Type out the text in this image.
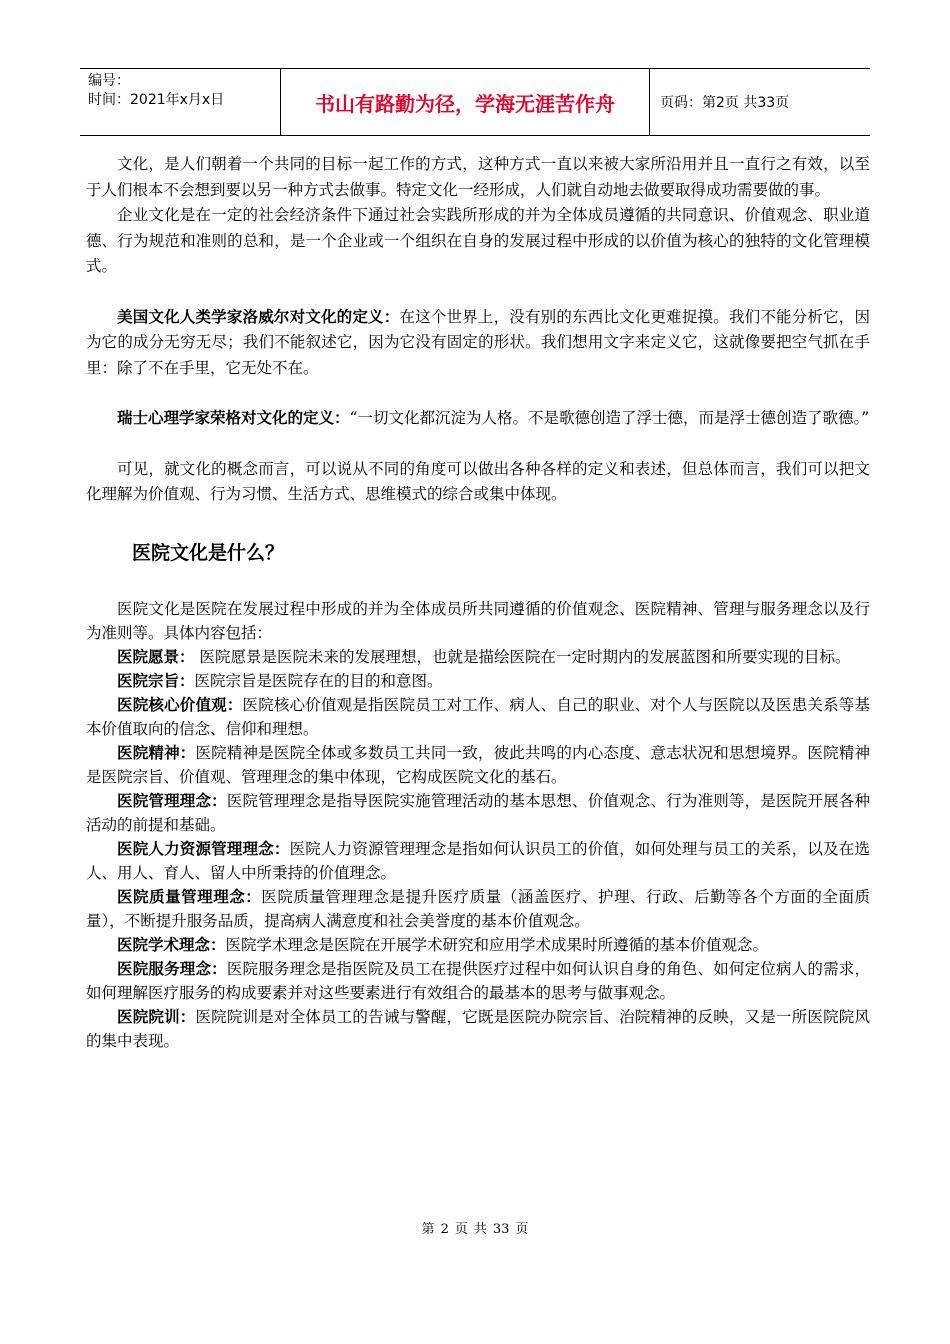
编号：
时间：2021年x月x日	书山有路勤为径，学海无涯苦作舟	页码：第2页 共33页

文化，是人们朝着一个共同的目标一起工作的方式，这种方式一直以来被大家所沿用并且一直行之有效，以至于人们根本不会想到要以另一种方式去做事。特定文化一经形成，人们就自动地去做要取得成功需要做的事。

企业文化是在一定的社会经济条件下通过社会实践所形成的并为全体成员遵循的共同意识、价值观念、职业道德、行为规范和准则的总和，是一个企业或一个组织在自身的发展过程中形成的以价值为核心的独特的文化管理模式。

美国文化人类学家洛威尔对文化的定义：在这个世界上，没有别的东西比文化更难捉摸。我们不能分析它，因为它的成分无穷无尽；我们不能叙述它，因为它没有固定的形状。我们想用文字来定义它，这就像要把空气抓在手里：除了不在手里，它无处不在。

瑞士心理学家荣格对文化的定义：“一切文化都沉淀为人格。不是歌德创造了浮士德，而是浮士德创造了歌德。”

可见，就文化的概念而言，可以说从不同的角度可以做出各种各样的定义和表述，但总体而言，我们可以把文化理解为价值观、行为习惯、生活方式、思维模式的综合或集中体现。

医院文化是什么？

医院文化是医院在发展过程中形成的并为全体成员所共同遵循的价值观念、医院精神、管理与服务理念以及行为准则等。具体内容包括：

医院愿景： 医院愿景是医院未来的发展理想，也就是描绘医院在一定时期内的发展蓝图和所要实现的目标。

医院宗旨：医院宗旨是医院存在的目的和意图。

医院核心价值观：医院核心价值观是指医院员工对工作、病人、自己的职业、对个人与医院以及医患关系等基本价值取向的信念、信仰和理想。

医院精神：医院精神是医院全体或多数员工共同一致，彼此共鸣的内心态度、意志状况和思想境界。医院精神是医院宗旨、价值观、管理理念的集中体现，它构成医院文化的基石。

医院管理理念：医院管理理念是指导医院实施管理活动的基本思想、价值观念、行为准则等，是医院开展各种活动的前提和基础。

医院人力资源管理理念：医院人力资源管理理念是指如何认识员工的价值，如何处理与员工的关系，以及在选人、用人、育人、留人中所秉持的价值理念。

医院质量管理理念：医院质量管理理念是提升医疗质量（涵盖医疗、护理、行政、后勤等各个方面的全面质量），不断提升服务品质，提高病人满意度和社会美誉度的基本价值观念。

医院学术理念：医院学术理念是医院在开展学术研究和应用学术成果时所遵循的基本价值观念。

医院服务理念：医院服务理念是指医院及员工在提供医疗过程中如何认识自身的角色、如何定位病人的需求，如何理解医疗服务的构成要素并对这些要素进行有效组合的最基本的思考与做事观念。

医院院训：医院院训是对全体员工的告诫与警醒，它既是医院办院宗旨、治院精神的反映，又是一所医院院风的集中表现。

第 2 页 共 33 页
